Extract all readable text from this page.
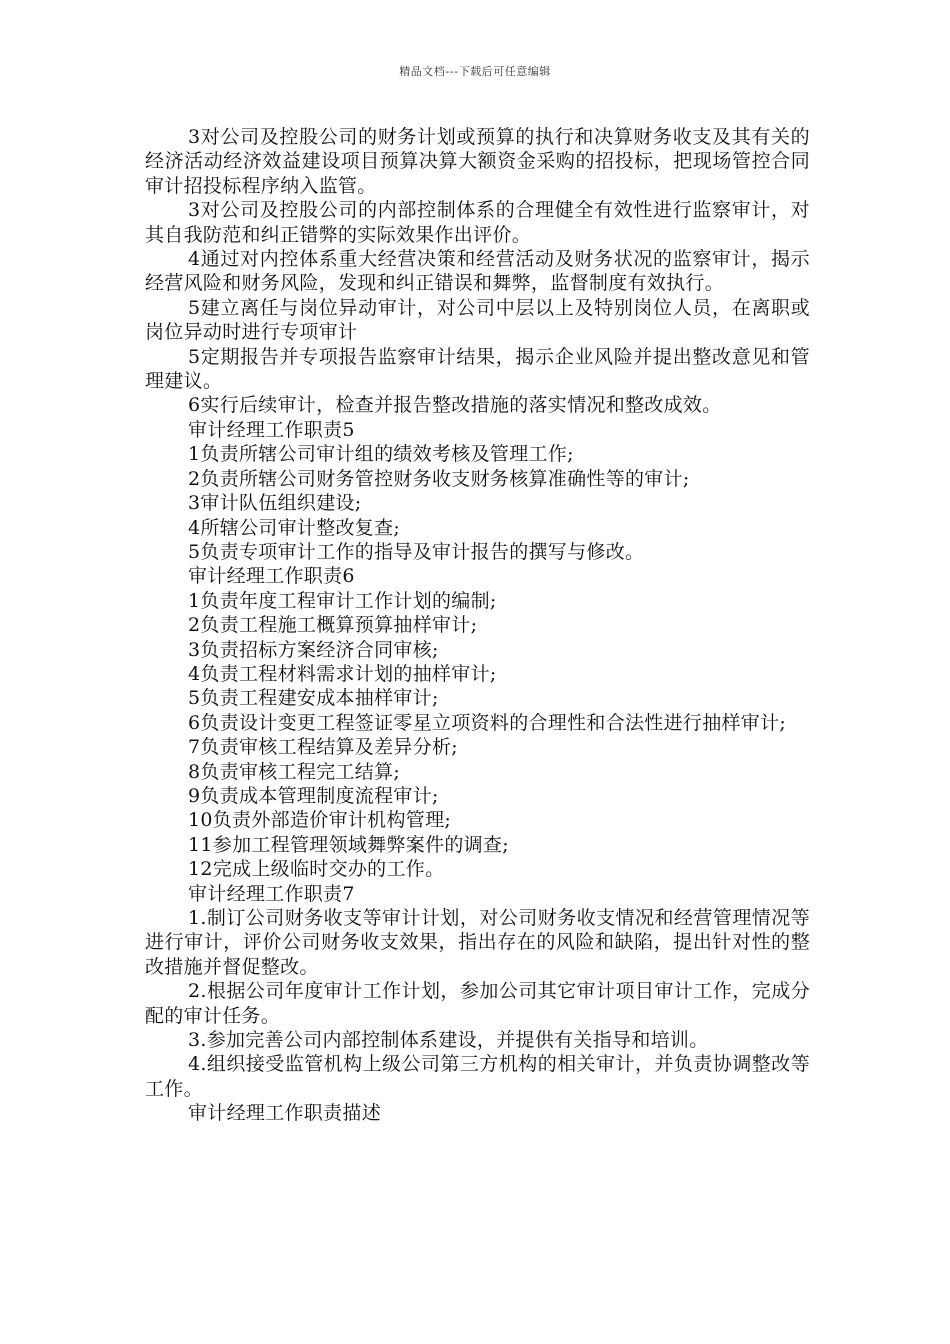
精品文档---下载后可任意编辑

3对公司及控股公司的财务计划或预算的执行和决算财务收支及其有关的经济活动经济效益建设项目预算决算大额资金采购的招投标，把现场管控合同审计招投标程序纳入监管。

3对公司及控股公司的内部控制体系的合理健全有效性进行监察审计，对其自我防范和纠正错弊的实际效果作出评价。

4通过对内控体系重大经营决策和经营活动及财务状况的监察审计，揭示经营风险和财务风险，发现和纠正错误和舞弊，监督制度有效执行。

5建立离任与岗位异动审计，对公司中层以上及特别岗位人员，在离职或岗位异动时进行专项审计

5定期报告并专项报告监察审计结果，揭示企业风险并提出整改意见和管理建议。

6实行后续审计，检查并报告整改措施的落实情况和整改成效。

审计经理工作职责5

1负责所辖公司审计组的绩效考核及管理工作;

2负责所辖公司财务管控财务收支财务核算准确性等的审计;

3审计队伍组织建设;

4所辖公司审计整改复查;

5负责专项审计工作的指导及审计报告的撰写与修改。

审计经理工作职责6

1负责年度工程审计工作计划的编制;

2负责工程施工概算预算抽样审计;

3负责招标方案经济合同审核;

4负责工程材料需求计划的抽样审计;

5负责工程建安成本抽样审计;

6负责设计变更工程签证零星立项资料的合理性和合法性进行抽样审计;

7负责审核工程结算及差异分析;

8负责审核工程完工结算;

9负责成本管理制度流程审计;

10负责外部造价审计机构管理;

11参加工程管理领域舞弊案件的调查;

12完成上级临时交办的工作。

审计经理工作职责7

1.制订公司财务收支等审计计划，对公司财务收支情况和经营管理情况等进行审计，评价公司财务收支效果，指出存在的风险和缺陷，提出针对性的整改措施并督促整改。

2.根据公司年度审计工作计划，参加公司其它审计项目审计工作，完成分配的审计任务。

3.参加完善公司内部控制体系建设，并提供有关指导和培训。

4.组织接受监管机构上级公司第三方机构的相关审计，并负责协调整改等工作。

审计经理工作职责描述
